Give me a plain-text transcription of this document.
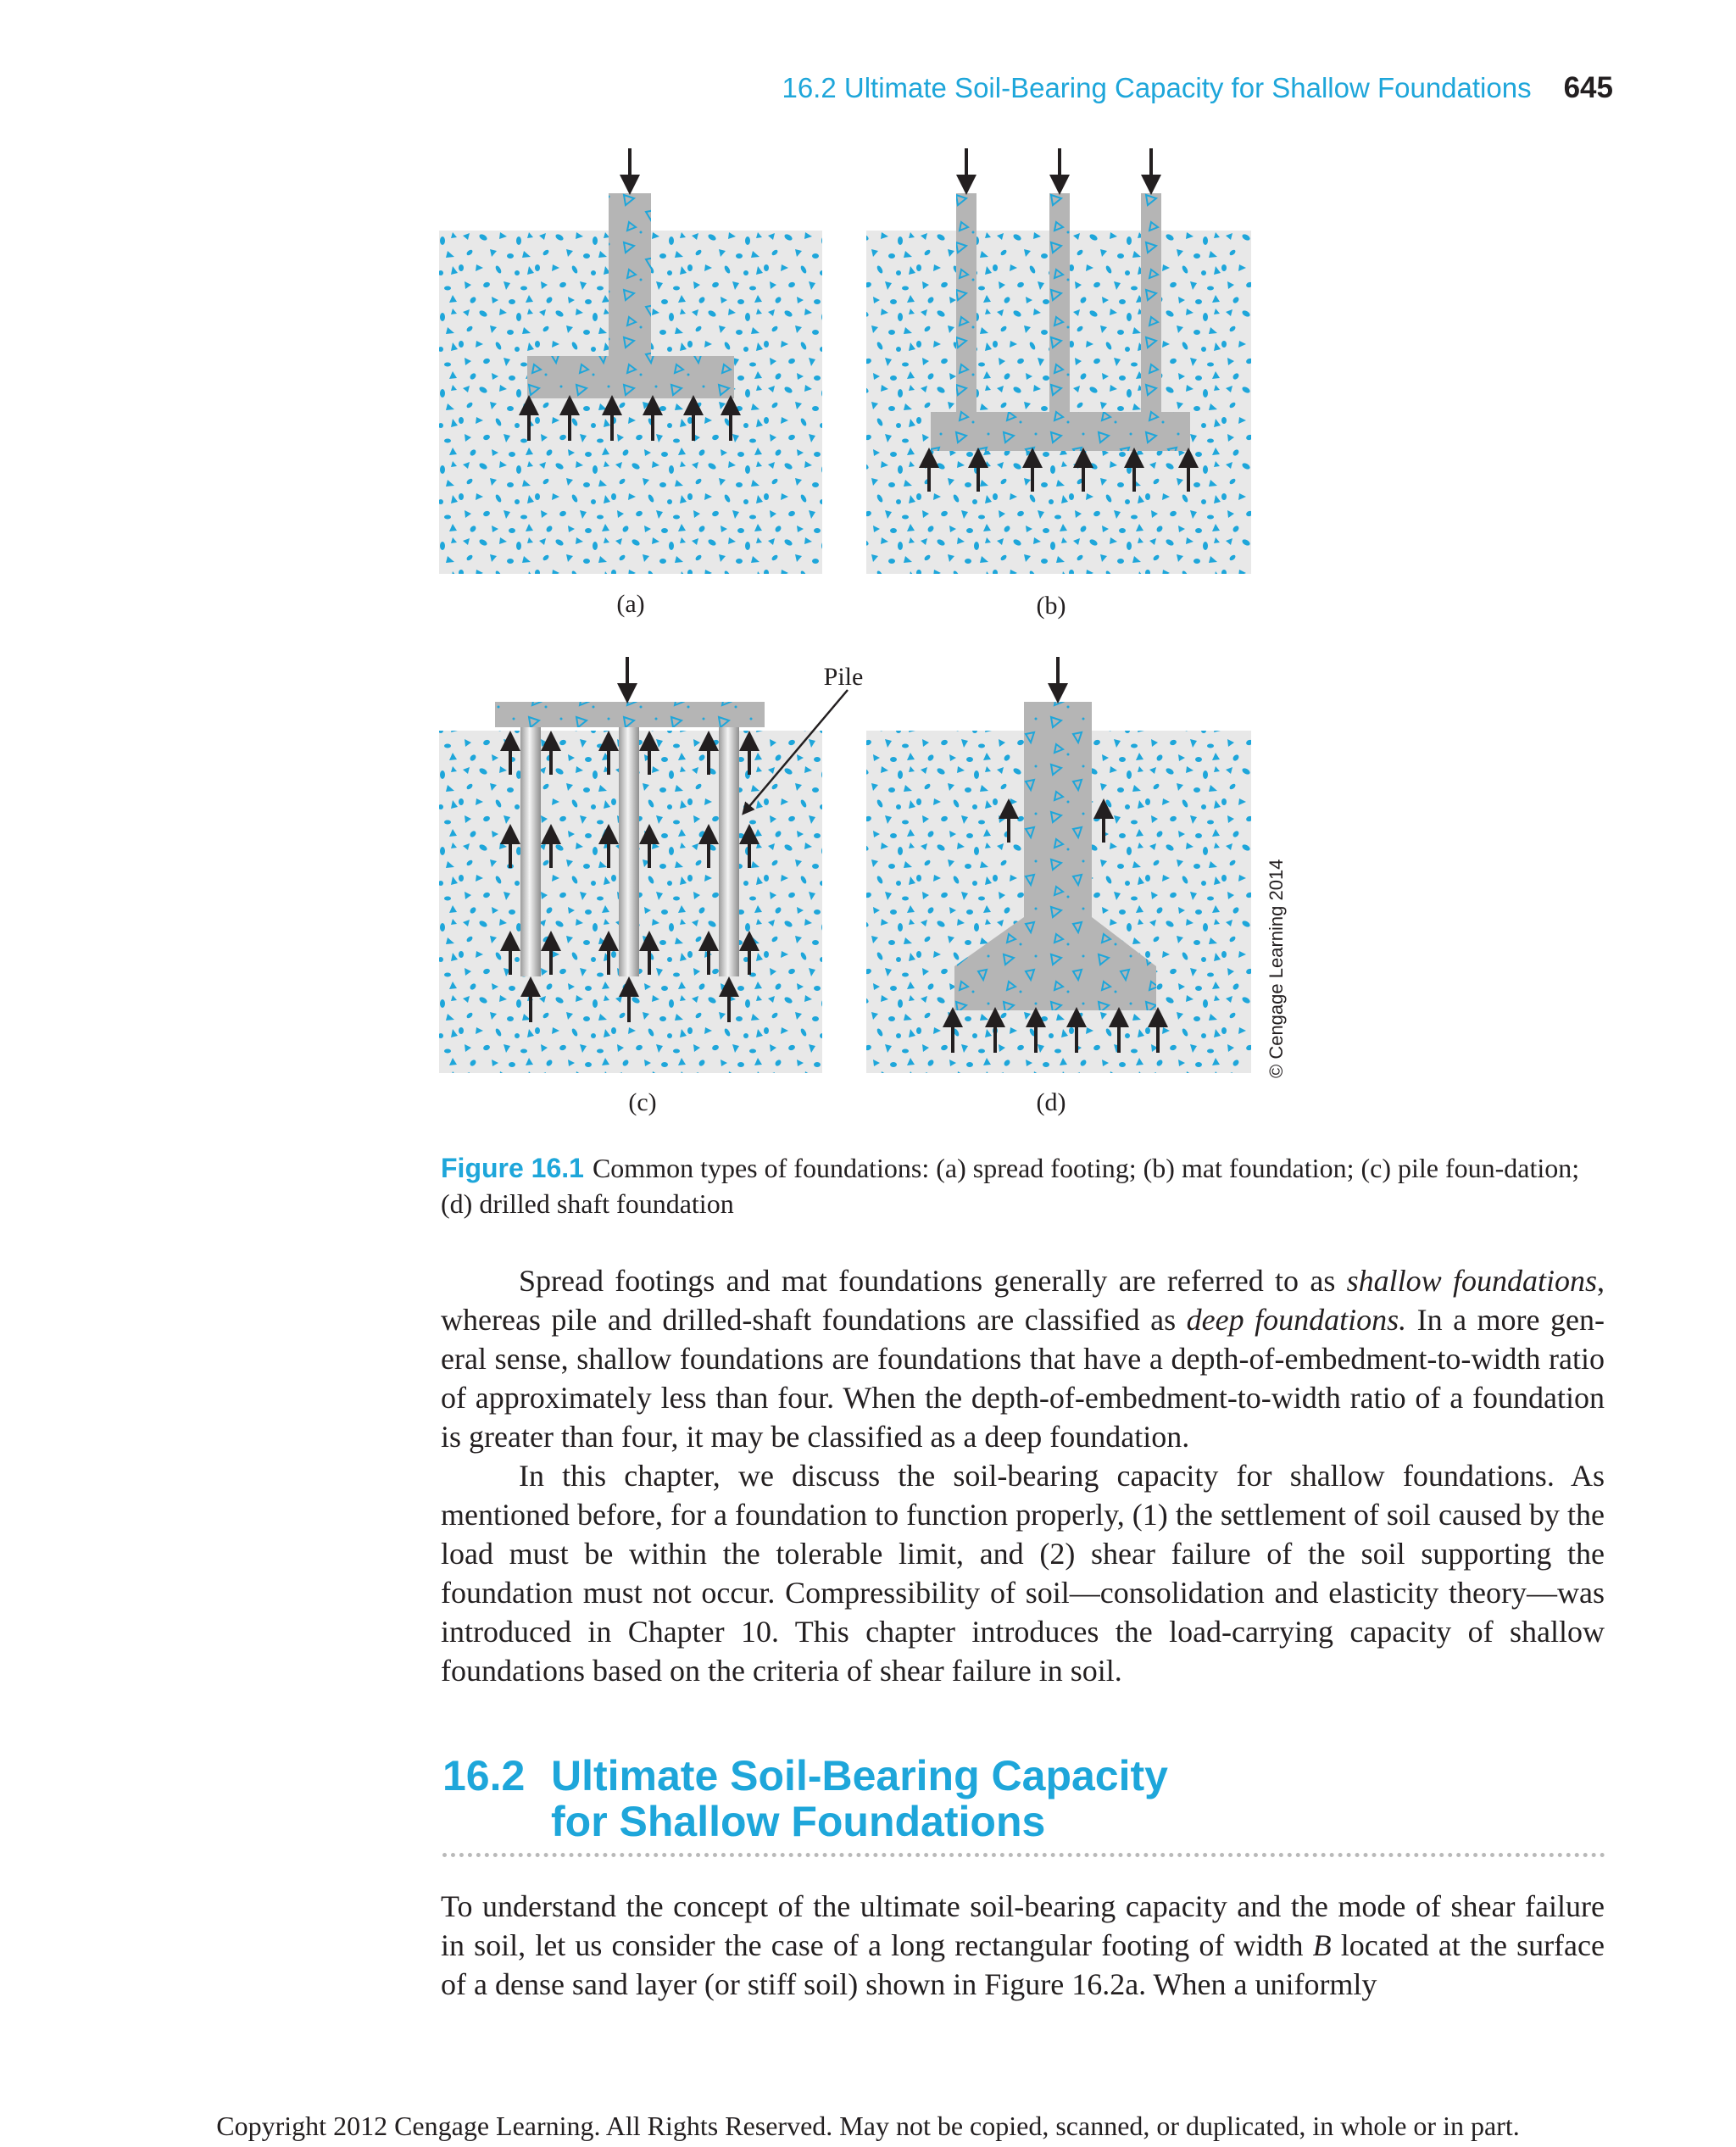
16.2 Ultimate Soil-Bearing Capacity for Shallow Foundations 645
Pile
(a)	(b)
(c)	(d)
© Cengage Learning 2014
Figure 16.1 Common types of foundations: (a) spread footing; (b) mat foundation; (c) pile foun-dation; (d) drilled shaft foundation

Spread footings and mat foundations generally are referred to as shallow foundations, whereas pile and drilled-shaft foundations are classified as deep foundations. In a more gen-eral sense, shallow foundations are foundations that have a depth-of-embedment-to-width ratio of approximately less than four. When the depth-of-embedment-to-width ratio of a foundation is greater than four, it may be classified as a deep foundation.

In this chapter, we discuss the soil-bearing capacity for shallow foundations. As mentioned before, for a foundation to function properly, (1) the settlement of soil caused by the load must be within the tolerable limit, and (2) shear failure of the soil supporting the foundation must not occur. Compressibility of soil—consolidation and elasticity theory—was introduced in Chapter 10. This chapter introduces the load-carrying capacity of shallow foundations based on the criteria of shear failure in soil.

16.2 Ultimate Soil-Bearing Capacity
for Shallow Foundations

To understand the concept of the ultimate soil-bearing capacity and the mode of shear failure in soil, let us consider the case of a long rectangular footing of width B located at the surface of a dense sand layer (or stiff soil) shown in Figure 16.2a. When a uniformly

Copyright 2012 Cengage Learning. All Rights Reserved. May not be copied, scanned, or duplicated, in whole or in part.
